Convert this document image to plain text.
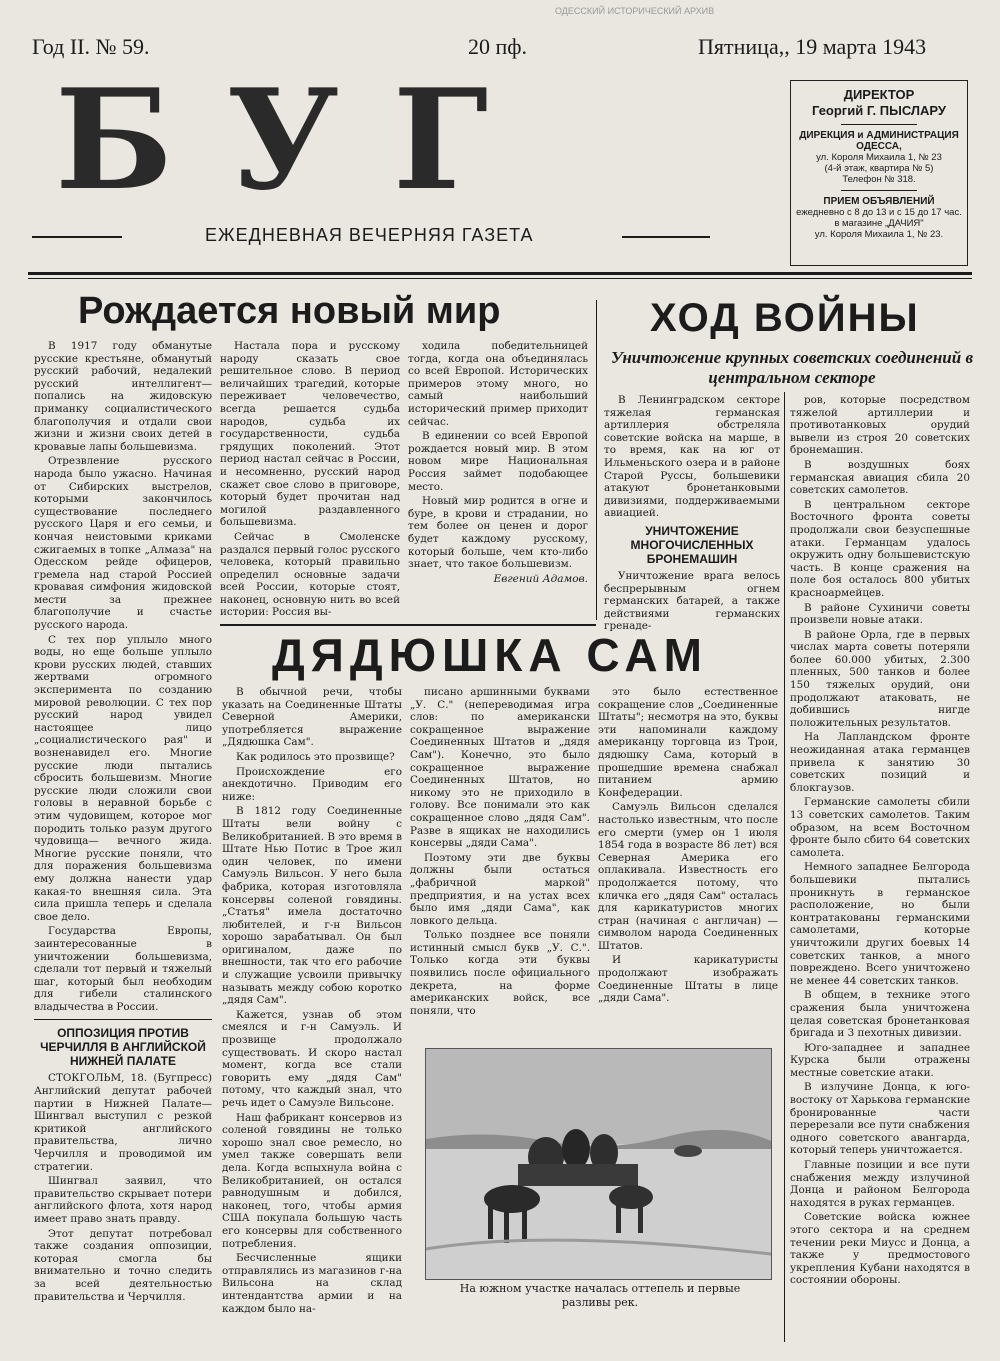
Год II. № 59.	20 пф.	Пятница,, 19 марта 1943
ОДЕССКИЙ ИСТОРИЧЕСКИЙ АРХИВ
БУГ
ЕЖЕДНЕВНАЯ ВЕЧЕРНЯЯ ГАЗЕТА
ДИРЕКТОР
Георгий Г. ПЫСЛАРУ
ДИРЕКЦИЯ и АДМИНИСТРАЦИЯ ОДЕССА,
ул. Короля Михаила 1, № 23
(4-й этаж, квартира № 5)
Телефон № 318.
ПРИЕМ ОБЪЯВЛЕНИЙ
ежедневно с 8 до 13 и с 15 до 17 час.
в магазине „ДАЧИЯ"
ул. Короля Михаила 1, № 23.
Рождается новый мир

В 1917 году обманутые русские крестьяне, обманутый русский рабочий, недалекий русский интеллигент—попались на жидовскую приманку социалистического благополучия и отдали свои жизни и жизни своих детей в кровавые лапы большевизма.

Отрезвление русского народа было ужасно. Начиная от Сибирских выстрелов, которыми закончилось существование последнего русского Царя и его семьи, и кончая неистовыми криками сжигаемых в топке „Алмаза" на Одесском рейде офицеров, гремела над старой Россией кровавая симфония жидовской мести за прежнее благополучие и счастье русского народа.

С тех пор уплыло много воды, но еще больше уплыло крови русских людей, ставших жертвами огромного эксперимента по созданию мировой революции. С тех пор русский народ увидел настоящее лицо „социалистического рая" и возненавидел его. Многие русские люди пытались сбросить большевизм. Многие русские люди сложили свои головы в неравной борьбе с этим чудовищем, которое мог породить только разум другого чудовища— вечного жида. Многие русские поняли, что для поражения большевизма ему должна нанести удар какая-то внешняя сила. Эта сила пришла теперь и сделала свое дело.

Государства Европы, заинтересованные в уничтожении большевизма, сделали тот первый и тяжелый шаг, который был необходим для гибели сталинского владычества в России.

ОППОЗИЦИЯ ПРОТИВ ЧЕРЧИЛЛЯ В АНГЛИЙСКОЙ НИЖНЕЙ ПАЛАТЕ

СТОКГОЛЬМ, 18. (Бугпресс) Английский депутат рабочей партии в Нижней Палате— Шингвал выступил с резкой критикой английского правительства, лично Черчилля и проводимой им стратегии.

Шингвал заявил, что правительство скрывает потери английского флота, хотя народ имеет право знать правду.

Этот депутат потребовал также создания оппозиции, которая смогла бы внимательно и точно следить за всей деятельностью правительства и Черчилля.

Настала пора и русскому народу сказать свое решительное слово. В период величайших трагедий, которые переживает человечество, всегда решается судьба народов, судьба их государственности, судьба грядущих поколений. Этот период настал сейчас в России, и несомненно, русский народ скажет свое слово в приговоре, который будет прочитан над могилой раздавленного большевизма.

Сейчас в Смоленске раздался первый голос русского человека, который правильно определил основные задачи всей России, которые стоят, наконец, основную нить во всей истории: Россия вы-

ходила победительницей тогда, когда она объединялась со всей Европой. Исторических примеров этому много, но самый наибольший исторический пример приходит сейчас.

В единении со всей Европой рождается новый мир. В этом новом мире Национальная Россия займет подобающее место.

Новый мир родится в огне и буре, в крови и страдании, но тем более он ценен и дорог будет каждому русскому, который больше, чем кто-либо знает, что такое большевизм.

Евгений Адамов.
ХОД ВОЙНЫ
Уничтожение крупных советских соединений в центральном секторе

В Ленинградском секторе тяжелая германская артиллерия обстреляла советские войска на марше, в то время, как на юг от Ильменьского озера и в районе Старой Руссы, большевики атакуют бронетанковыми дивизиями, поддерживаемыми авиацией.

УНИЧТОЖЕНИЕ МНОГОЧИСЛЕННЫХ БРОНЕМАШИН

Уничтожение врага велось беспрерывным огнем германских батарей, а также действиями германских гренаде-

ров, которые посредством тяжелой артиллерии и противотанковых орудий вывели из строя 20 советских бронемашин.

В воздушных боях германская авиация сбила 20 советских самолетов.

В центральном секторе Восточного фронта советы продолжали свои безуспешные атаки. Германцам удалось окружить одну большевистскую часть. В конце сражения на поле боя осталось 800 убитых красноармейцев.

В районе Сухиничи советы произвели новые атаки.

В районе Орла, где в первых числах марта советы потеряли более 60.000 убитых, 2.300 пленных, 500 танков и более 150 тяжелых орудий, они продолжают атаковать, не добившись нигде положительных результатов.

На Лапландском фронте неожиданная атака германцев привела к занятию 30 советских позиций и блокгаузов.

Германские самолеты сбили 13 советских самолетов. Таким образом, на всем Восточном фронте было сбито 64 советских самолета.

Немного западнее Белгорода большевики пытались проникнуть в германское расположение, но были контратакованы германскими самолетами, которые уничтожили других боевых 14 советских танков, а много повреждено. Всего уничтожено не менее 44 советских танков.

В общем, в технике этого сражения была уничтожена целая советская бронетанковая бригада и 3 пехотных дивизии.

Юго-западнее и западнее Курска были отражены местные советские атаки.

В излучине Донца, к юго-востоку от Харькова германские бронированные части перерезали все пути снабжения одного советского авангарда, который теперь уничтожается.

Главные позиции и все пути снабжения между излучиной Донца и районом Белгорода находятся в руках германцев.

Советские войска южнее этого сектора и на среднем течении реки Миусс и Донца, а также у предмостового укрепления Кубани находятся в состоянии обороны.

ДЯДЮШКА САМ

В обычной речи, чтобы указать на Соединенные Штаты Северной Америки, употребляется выражение „Дядюшка Сам".

Как родилось это прозвище?

Происхождение его анекдотично. Приводим его ниже:

В 1812 году Соединенные Штаты вели войну с Великобританией. В это время в Штате Нью Потис в Трое жил один человек, по имени Самуэль Вильсон. У него была фабрика, которая изготовляла консервы соленой говядины. „Статья" имела достаточно любителей, и г-н Вильсон хорошо зарабатывал. Он был оригиналом, даже по внешности, так что его рабочие и служащие усвоили привычку называть между собою коротко „дядя Сам".

Кажется, узнав об этом смеялся и г-н Самуэль. И прозвище продолжало существовать. И скоро настал момент, когда все стали говорить ему „дядя Сам" потому, что каждый знал, что речь идет о Самуэле Вильсоне.

Наш фабрикант консервов из соленой говядины не только хорошо знал свое ремесло, но умел также совершать вели дела. Когда вспыхнула война с Великобританией, он остался равнодушным и добился, наконец, того, чтобы армия США покупала большую часть его консервы для собственного потребления.

Бесчисленные ящики отправлялись из магазинов г-на Вильсона на склад интендантства армии и на каждом было на-

писано аршинными буквами „У. С." (непереводимая игра слов: по американски сокращенное выражение Соединенных Штатов и „дядя Сам"). Конечно, это было сокращенное выражение Соединенных Штатов, но никому это не приходило в голову. Все понимали это как сокращенное слово „дядя Сам". Разве в ящиках не находились консервы „дяди Сама".

Поэтому эти две буквы должны были остаться „фабричной маркой" предприятия, и на устах всех было имя „дяди Сама", как ловкого дельца.

Только позднее все поняли истинный смысл букв „У. С.". Только когда эти буквы появились после официального декрета, на форме американских войск, все поняли, что

это было естественное сокращение слов „Соединенные Штаты"; несмотря на это, буквы эти напоминали каждому американцу торговца из Трои, дядюшку Сама, который в прошедшие времена снабжал питанием армию Конфедерации.

Самуэль Вильсон сделался настолько известным, что после его смерти (умер он 1 июля 1854 года в возрасте 86 лет) вся Северная Америка его оплакивала. Известность его продолжается потому, что кличка его „дядя Сам" осталась для карикатуристов многих стран (начиная с англичан) — символом народа Соединенных Штатов.

И карикатуристы продолжают изображать Соединенные Штаты в лице „дяди Сама".

На южном участке началась оттепель и первые разливы рек.
